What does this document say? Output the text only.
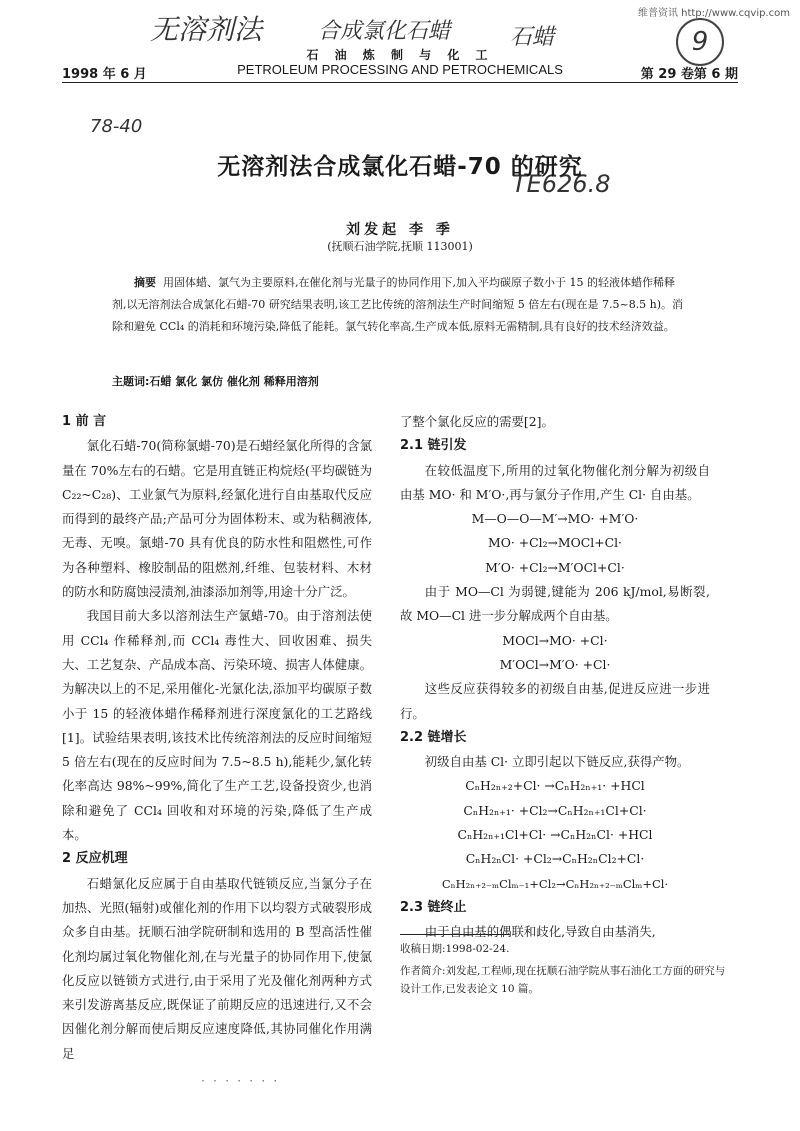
维普资讯 http://www.cqvip.com
无溶剂法	合成氯化石蜡	石蜡	9
78-40
TE626.8
石 油 炼 制 与 化 工
1998 年 6 月	PETROLEUM PROCESSING AND PETROCHEMICALS	第 29 卷第 6 期
无溶剂法合成氯化石蜡-70 的研究
刘发起 李 季
(抚顺石油学院,抚顺 113001)
摘要 用固体蜡、氯气为主要原料,在催化剂与光量子的协同作用下,加入平均碳原子数小于 15 的轻液体蜡作稀释剂,以无溶剂法合成氯化石蜡-70 研究结果表明,该工艺比传统的溶剂法生产时间缩短 5 倍左右(现在是 7.5~8.5 h)。消除和避免 CCl₄ 的消耗和环境污染,降低了能耗。氯气转化率高,生产成本低,原料无需精制,具有良好的技术经济效益。
主题词:石蜡 氯化 氯仿 催化剂 稀释用溶剂
1 前 言

氯化石蜡-70(简称氯蜡-70)是石蜡经氯化所得的含氯量在 70%左右的石蜡。它是用直链正构烷烃(平均碳链为 C₂₂~C₂₈)、工业氯气为原料,经氯化进行自由基取代反应而得到的最终产品;产品可分为固体粉末、或为粘稠液体,无毒、无嗅。氯蜡-70 具有优良的防水性和阻燃性,可作为各种塑料、橡胶制品的阻燃剂,纤维、包装材料、木材的防水和防腐蚀浸渍剂,油漆添加剂等,用途十分广泛。

我国目前大多以溶剂法生产氯蜡-70。由于溶剂法使用 CCl₄ 作稀释剂,而 CCl₄ 毒性大、回收困难、损失大、工艺复杂、产品成本高、污染环境、损害人体健康。为解决以上的不足,采用催化-光氯化法,添加平均碳原子数小于 15 的轻液体蜡作稀释剂进行深度氯化的工艺路线[1]。试验结果表明,该技术比传统溶剂法的反应时间缩短 5 倍左右(现在的反应时间为 7.5~8.5 h),能耗少,氯化转化率高达 98%~99%,简化了生产工艺,设备投资少,也消除和避免了 CCl₄ 回收和对环境的污染,降低了生产成本。

2 反应机理

石蜡氯化反应属于自由基取代链锁反应,当氯分子在加热、光照(辐射)或催化剂的作用下以均裂方式破裂形成众多自由基。抚顺石油学院研制和选用的 B 型高活性催化剂均属过氧化物催化剂,在与光量子的协同作用下,使氯化反应以链锁方式进行,由于采用了光及催化剂两种方式来引发游离基反应,既保证了前期反应的迅速进行,又不会因催化剂分解而使后期反应速度降低,其协同催化作用满足

了整个氯化反应的需要[2]。

2.1 链引发

在较低温度下,所用的过氧化物催化剂分解为初级自由基 MO· 和 M′O·,再与氯分子作用,产生 Cl· 自由基。

M—O—O—M′→MO· +M′O·

MO· +Cl₂→MOCl+Cl·

M′O· +Cl₂→M′OCl+Cl·

由于 MO—Cl 为弱键,键能为 206 kJ/mol,易断裂,故 MO—Cl 进一步分解成两个自由基。

MOCl→MO· +Cl·

M′OCl→M′O· +Cl·

这些反应获得较多的初级自由基,促进反应进一步进行。

2.2 链增长

初级自由基 Cl· 立即引起以下链反应,获得产物。

CₙH₂ₙ₊₂+Cl· →CₙH₂ₙ₊₁· +HCl

CₙH₂ₙ₊₁· +Cl₂→CₙH₂ₙ₊₁Cl+Cl·

CₙH₂ₙ₊₁Cl+Cl· →CₙH₂ₙCl· +HCl

CₙH₂ₙCl· +Cl₂→CₙH₂ₙCl₂+Cl·

CₙH₂ₙ₊₂₋ₘClₘ₋₁+Cl₂→CₙH₂ₙ₊₂₋ₘClₘ+Cl·

2.3 链终止

由于自由基的偶联和歧化,导致自由基消失,

收稿日期:1998-02-24.
作者简介:刘发起,工程师,现在抚顺石油学院从事石油化工方面的研究与设计工作,已发表论文 10 篇。
· · · · · · ·
